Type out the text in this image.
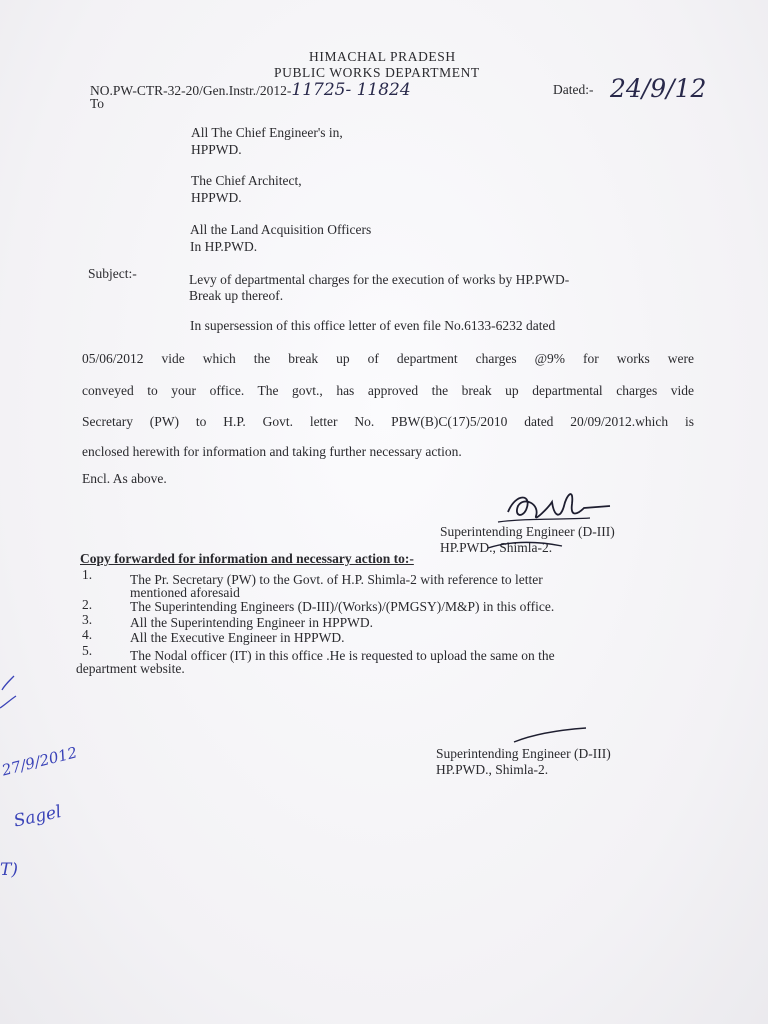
HIMACHAL PRADESH
PUBLIC WORKS DEPARTMENT
NO.PW-CTR-32-20/Gen.Instr./2012-11725- 11824	Dated:- 24/9/12
To
All The Chief Engineer's in,
HPPWD.
The Chief Architect,
HPPWD.
All the Land Acquisition Officers
In HP.PWD.
Subject:-	Levy of departmental charges for the execution of works by HP.PWD-
Break up thereof.
In supersession of this office letter of even file No.6133-6232 dated
05/06/2012 vide which the break up of department charges @9% for works were
conveyed to your office. The govt., has approved the break up departmental charges vide
Secretary (PW) to H.P. Govt. letter No. PBW(B)C(17)5/2010 dated 20/09/2012.which is
enclosed herewith for information and taking further necessary action.
Encl. As above.
Superintending Engineer (D-III)
HP.PWD., Shimla-2.
Copy forwarded for information and necessary action to:-
1.	The Pr. Secretary (PW) to the Govt. of H.P. Shimla-2 with reference to letter
mentioned aforesaid
2.	The Superintending Engineers (D-III)/(Works)/(PMGSY)/M&P) in this office.
3.	All the Superintending Engineer in HPPWD.
4.	All the Executive Engineer in HPPWD.
5.	The Nodal officer (IT) in this office .He is requested to upload the same on the
department website.
Superintending Engineer (D-III)
HP.PWD., Shimla-2.
27/9/2012
Sagel
T)
